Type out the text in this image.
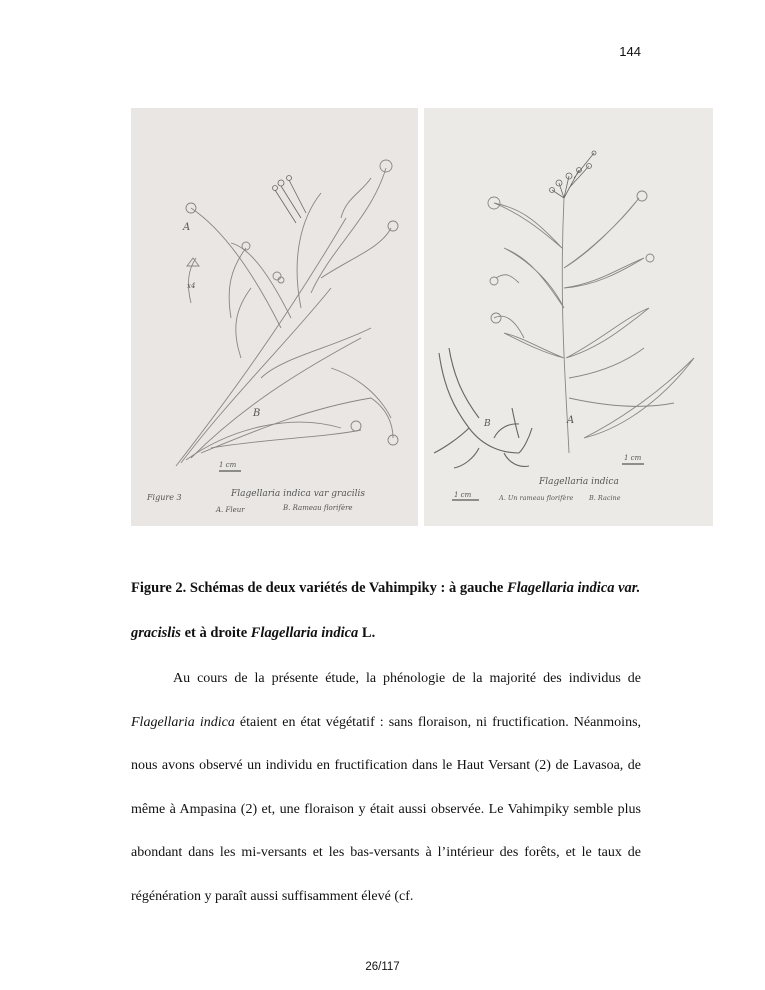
144
A
x4
B
1 cm
Figure 3	Flagellaria indica var gracilis
A. Fleur	B. Rameau florifère
B	A
1 cm
1 cm
Flagellaria indica
A. Un rameau florifère B. Racine
Figure 2. Schémas de deux variétés de Vahimpiky : à gauche Flagellaria indica var. gracislis et à droite Flagellaria indica L.

Au cours de la présente étude, la phénologie de la majorité des individus de Flagellaria indica étaient en état végétatif : sans floraison, ni fructification. Néanmoins, nous avons observé un individu en fructification dans le Haut Versant (2) de Lavasoa, de même à Ampasina (2) et, une floraison y était aussi observée. Le Vahimpiky semble plus abondant dans les mi-versants et les bas-versants à l’intérieur des forêts, et le taux de régénération y paraît aussi suffisamment élevé (cf.

26/117
